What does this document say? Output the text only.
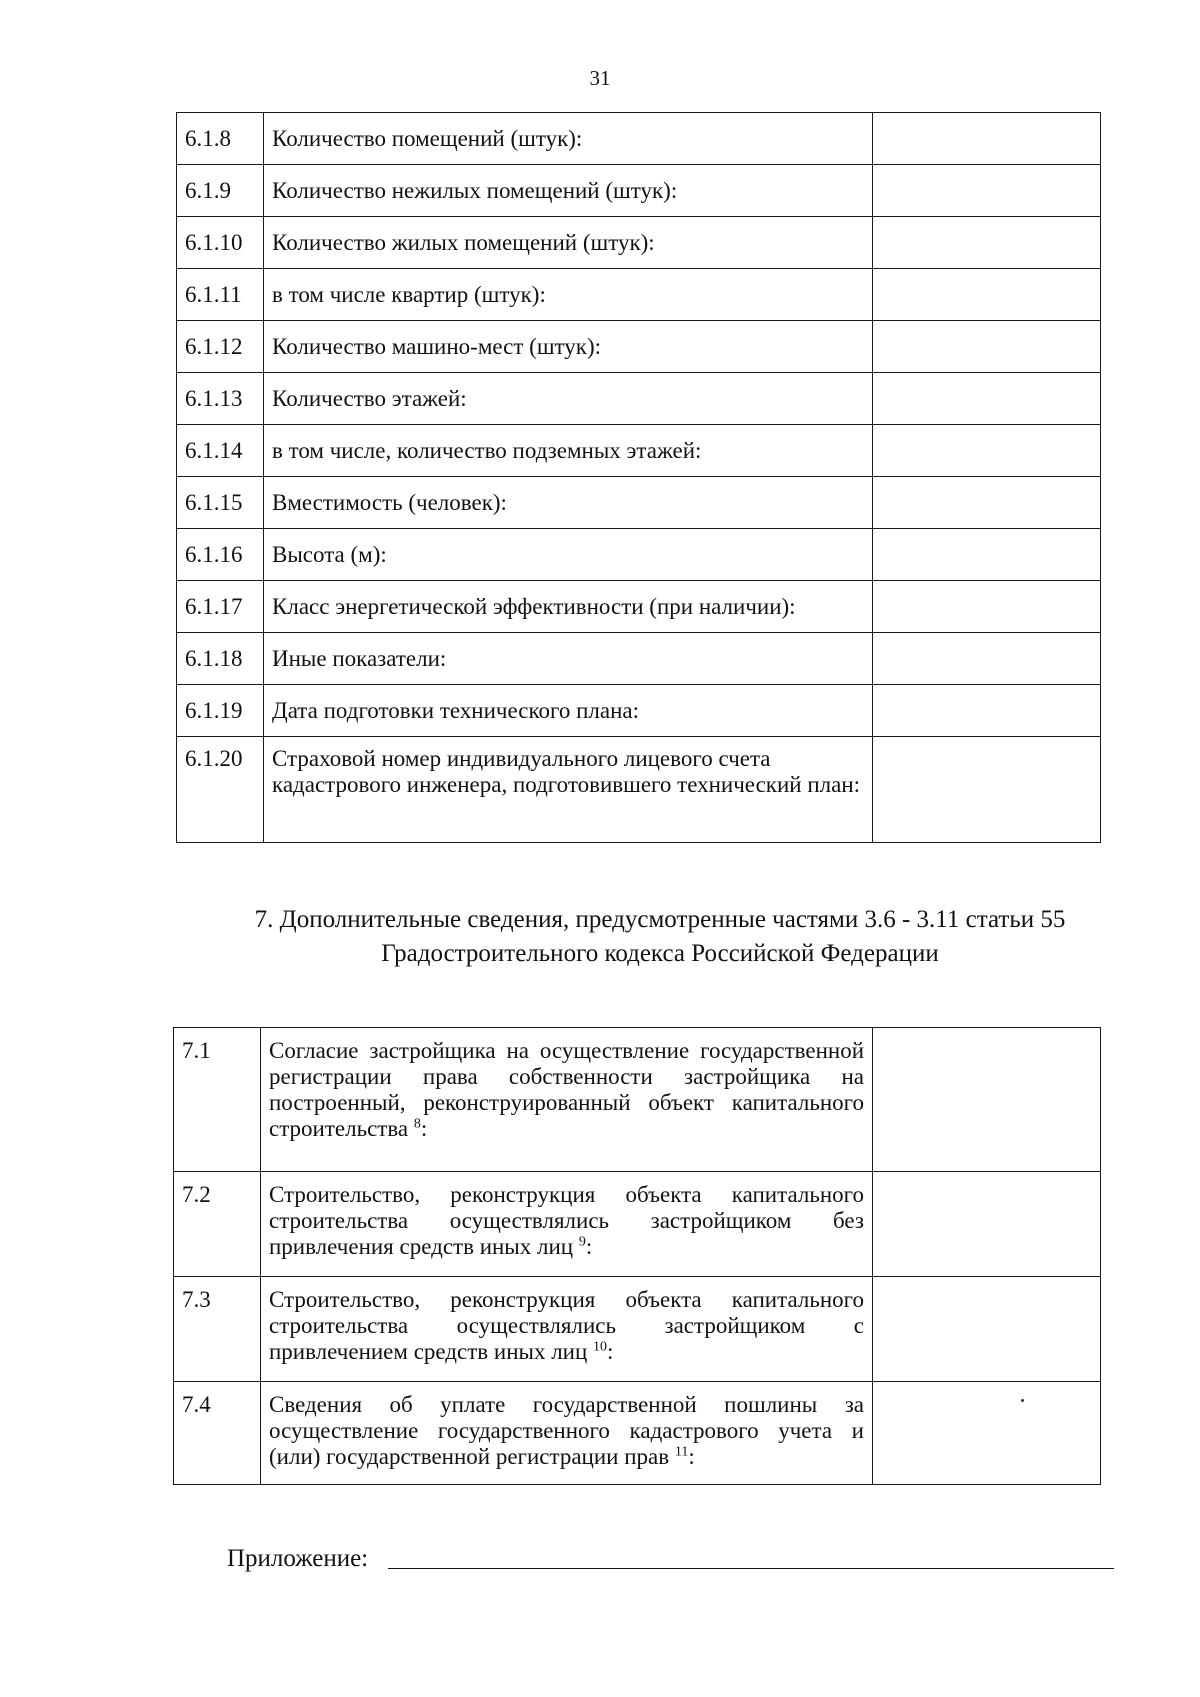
31
6.1.8	Количество помещений (штук):	
6.1.9	Количество нежилых помещений (штук):	
6.1.10	Количество жилых помещений (штук):	
6.1.11	в том числе квартир (штук):	
6.1.12	Количество машино-мест (штук):	
6.1.13	Количество этажей:	
6.1.14	в том числе, количество подземных этажей:	
6.1.15	Вместимость (человек):	
6.1.16	Высота (м):	
6.1.17	Класс энергетической эффективности (при наличии):	
6.1.18	Иные показатели:	
6.1.19	Дата подготовки технического плана:	
6.1.20	Страховой номер индивидуального лицевого счета кадастрового инженера, подготовившего технический план:	
7. Дополнительные сведения, предусмотренные частями 3.6 - 3.11 статьи 55
Градостроительного кодекса Российской Федерации
7.1	Согласие застройщика на осуществление государственной регистрации права собственности застройщика на построенный, реконструированный объект капитального строительства $^8$:	
7.2	Строительство, реконструкция объекта капитального строительства осуществлялись застройщиком без привлечения средств иных лиц $^9$:	
7.3	Строительство, реконструкция объекта капитального строительства осуществлялись застройщиком с привлечением средств иных лиц $^{10}$:	
7.4	Сведения об уплате государственной пошлины за осуществление государственного кадастрового учета и (или) государственной регистрации прав $^{11}$:	
Приложение:
